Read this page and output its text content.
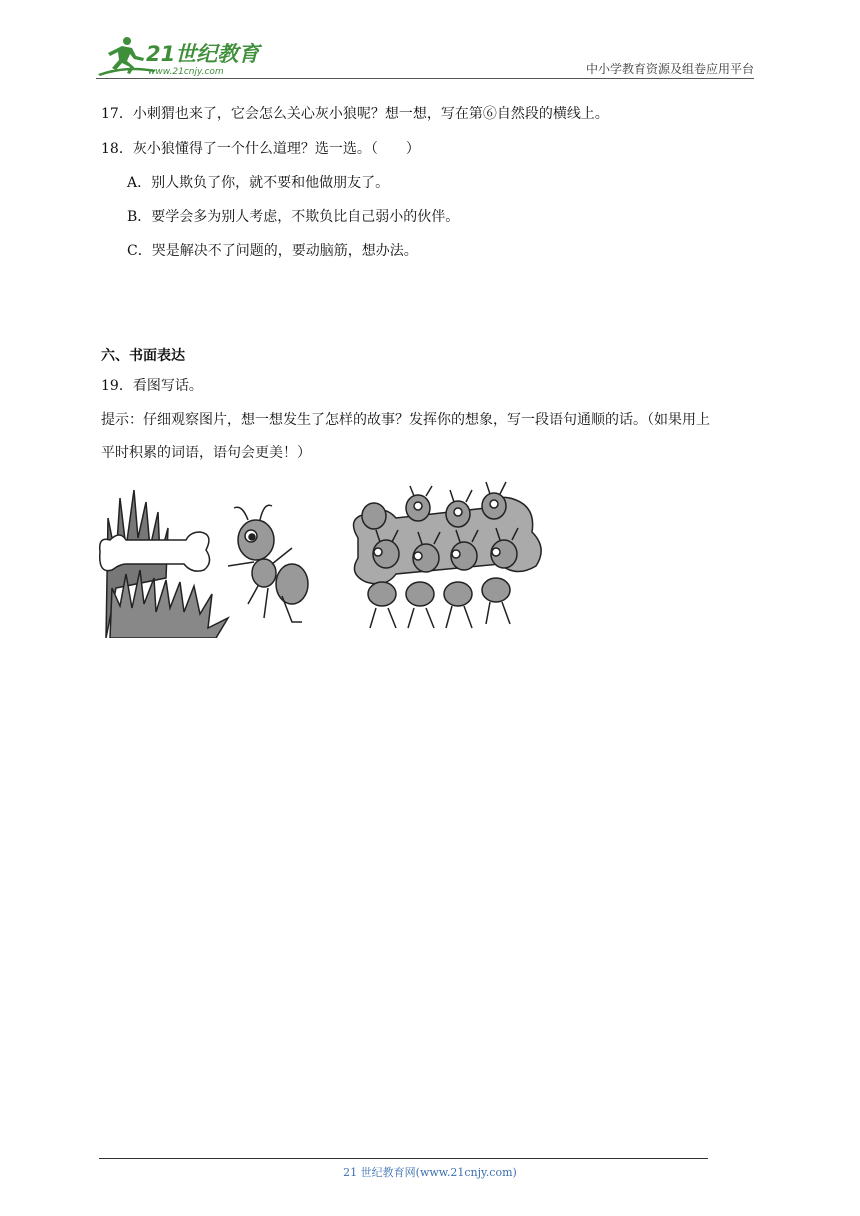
21世纪教育
www.21cnjy.com	中小学教育资源及组卷应用平台
17．小刺猬也来了，它会怎么关心灰小狼呢？想一想，写在第⑥自然段的横线上。
18．灰小狼懂得了一个什么道理？选一选。（　　）
A．别人欺负了你，就不要和他做朋友了。
B．要学会多为别人考虑，不欺负比自己弱小的伙伴。
C．哭是解决不了问题的，要动脑筋，想办法。
六、书面表达
19．看图写话。
提示：仔细观察图片，想一想发生了怎样的故事？发挥你的想象，写一段语句通顺的话。（如果用上
平时积累的词语，语句会更美！）
21 世纪教育网(www.21cnjy.com)
